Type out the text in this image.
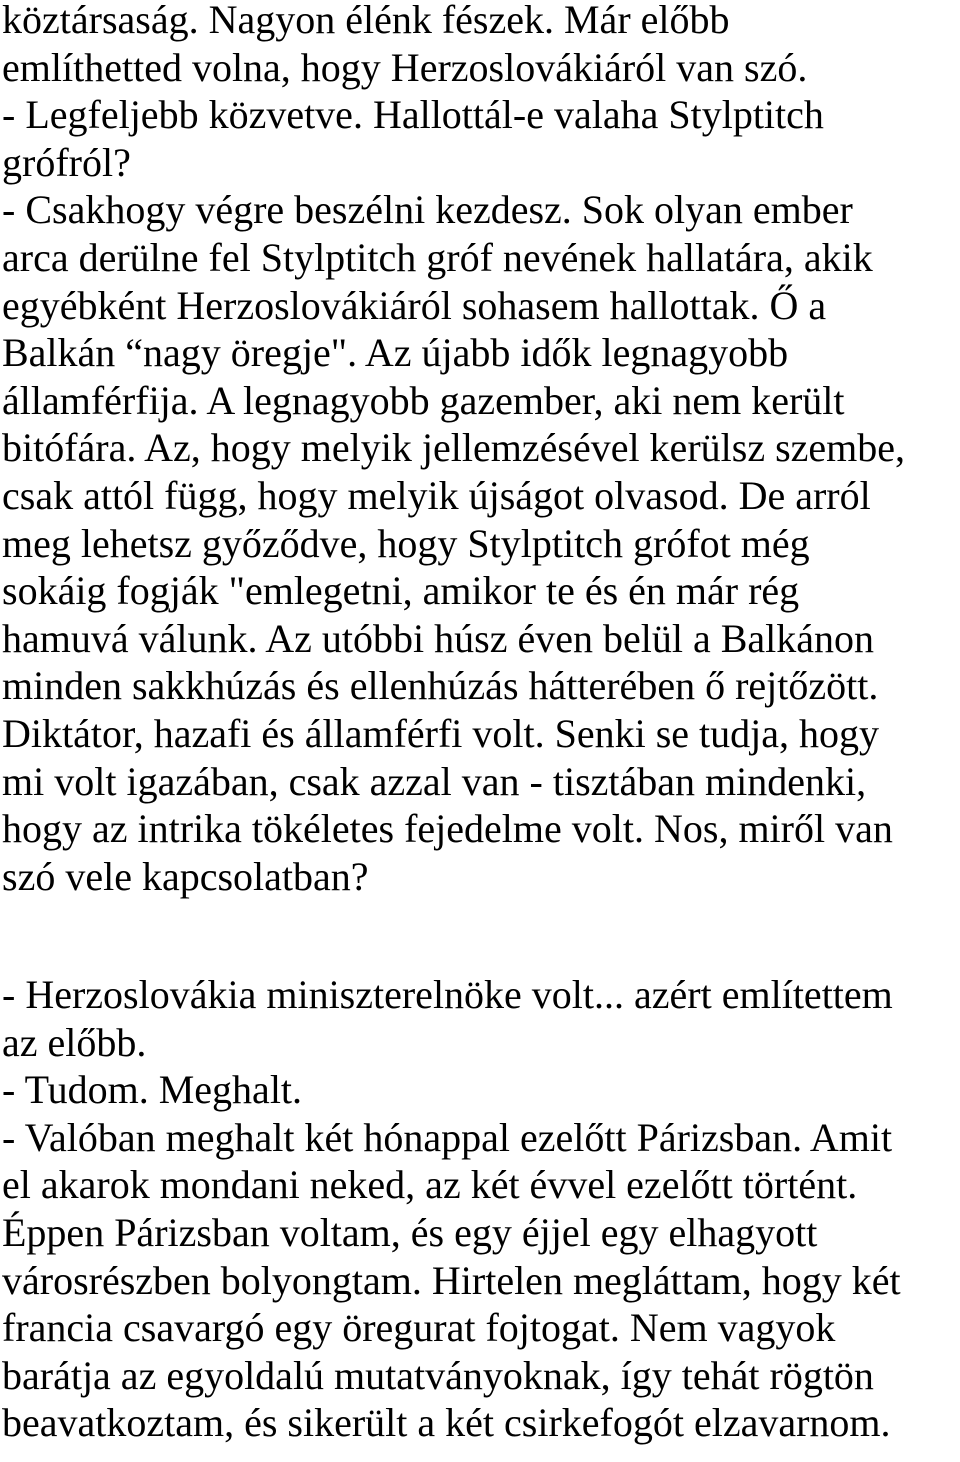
köztársaság. Nagyon élénk fészek. Már előbb
említhetted volna, hogy Herzoslovákiáról van szó.
- Legfeljebb közvetve. Hallottál-e valaha Stylptitch
grófról?
- Csakhogy végre beszélni kezdesz. Sok olyan ember
arca derülne fel Stylptitch gróf nevének hallatára, akik
egyébként Herzoslovákiáról sohasem hallottak. Ő a
Balkán “nagy öregje". Az újabb idők legnagyobb
államférfija. A legnagyobb gazember, aki nem került
bitófára. Az, hogy melyik jellemzésével kerülsz szembe,
csak attól függ, hogy melyik újságot olvasod. De arról
meg lehetsz győződve, hogy Stylptitch grófot még
sokáig fogják "emlegetni, amikor te és én már rég
hamuvá válunk. Az utóbbi húsz éven belül a Balkánon
minden sakkhúzás és ellenhúzás hátterében ő rejtőzött.
Diktátor, hazafi és államférfi volt. Senki se tudja, hogy
mi volt igazában, csak azzal van - tisztában mindenki,
hogy az intrika tökéletes fejedelme volt. Nos, miről van
szó vele kapcsolatban?
- Herzoslovákia miniszterelnöke volt... azért említettem
az előbb.
- Tudom. Meghalt.
- Valóban meghalt két hónappal ezelőtt Párizsban. Amit
el akarok mondani neked, az két évvel ezelőtt történt.
Éppen Párizsban voltam, és egy éjjel egy elhagyott
városrészben bolyongtam. Hirtelen megláttam, hogy két
francia csavargó egy öregurat fojtogat. Nem vagyok
barátja az egyoldalú mutatványoknak, így tehát rögtön
beavatkoztam, és sikerült a két csirkefogót elzavarnom.
